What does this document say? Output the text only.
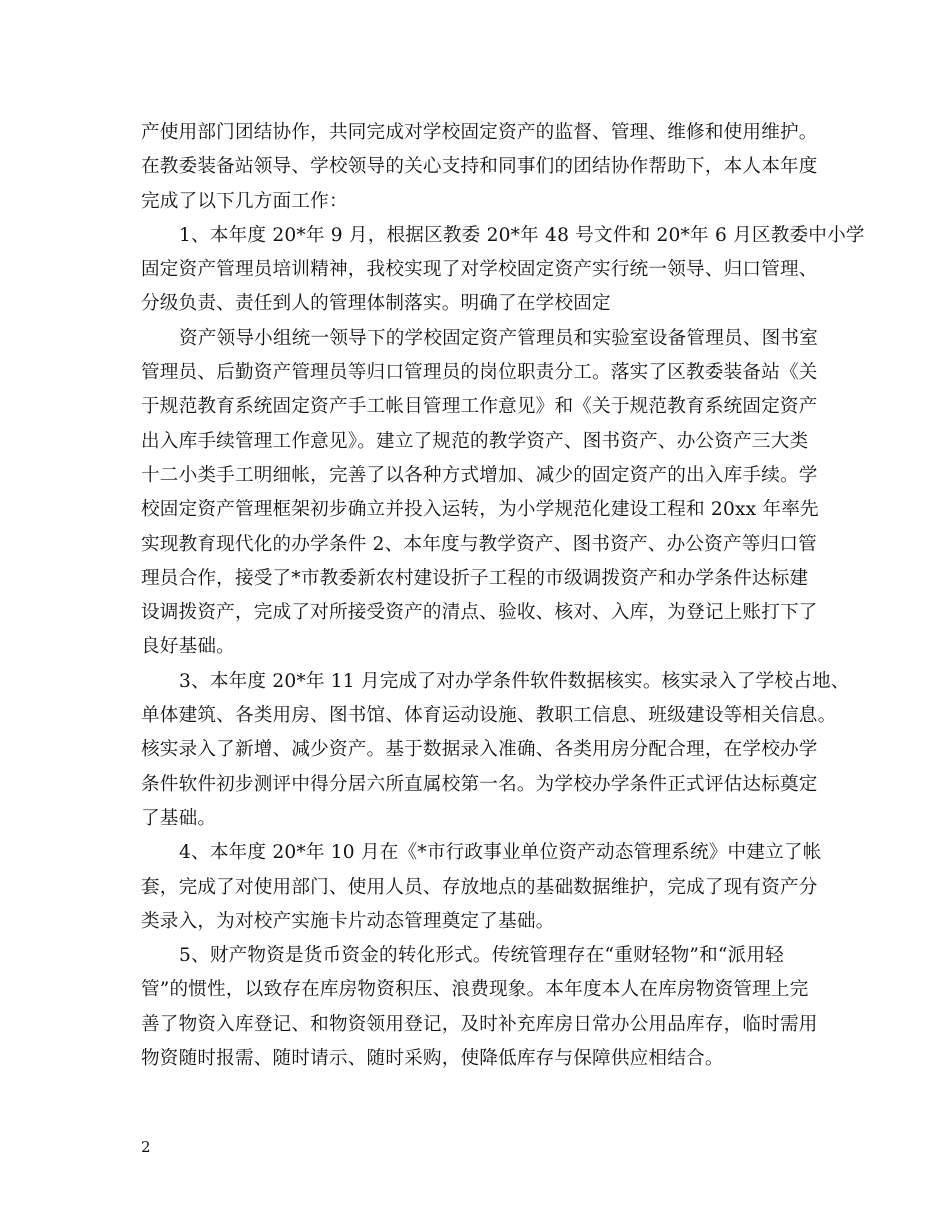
产使用部门团结协作，共同完成对学校固定资产的监督、管理、维修和使用维护。
在教委装备站领导、学校领导的关心支持和同事们的团结协作帮助下，本人本年度
完成了以下几方面工作：
1、本年度 20*年 9 月，根据区教委 20*年 48 号文件和 20*年 6 月区教委中小学
固定资产管理员培训精神，我校实现了对学校固定资产实行统一领导、归口管理、
分级负责、责任到人的管理体制落实。明确了在学校固定
资产领导小组统一领导下的学校固定资产管理员和实验室设备管理员、图书室
管理员、后勤资产管理员等归口管理员的岗位职责分工。落实了区教委装备站《关
于规范教育系统固定资产手工帐目管理工作意见》和《关于规范教育系统固定资产
出入库手续管理工作意见》。建立了规范的教学资产、图书资产、办公资产三大类
十二小类手工明细帐，完善了以各种方式增加、减少的固定资产的出入库手续。学
校固定资产管理框架初步确立并投入运转，为小学规范化建设工程和 20xx 年率先
实现教育现代化的办学条件 2、本年度与教学资产、图书资产、办公资产等归口管
理员合作，接受了*市教委新农村建设折子工程的市级调拨资产和办学条件达标建
设调拨资产，完成了对所接受资产的清点、验收、核对、入库，为登记上账打下了
良好基础。
3、本年度 20*年 11 月完成了对办学条件软件数据核实。核实录入了学校占地、
单体建筑、各类用房、图书馆、体育运动设施、教职工信息、班级建设等相关信息。
核实录入了新增、减少资产。基于数据录入准确、各类用房分配合理，在学校办学
条件软件初步测评中得分居六所直属校第一名。为学校办学条件正式评估达标奠定
了基础。
4、本年度 20*年 10 月在《*市行政事业单位资产动态管理系统》中建立了帐
套，完成了对使用部门、使用人员、存放地点的基础数据维护，完成了现有资产分
类录入，为对校产实施卡片动态管理奠定了基础。
5、财产物资是货币资金的转化形式。传统管理存在“重财轻物”和“派用轻
管”的惯性，以致存在库房物资积压、浪费现象。本年度本人在库房物资管理上完
善了物资入库登记、和物资领用登记，及时补充库房日常办公用品库存，临时需用
物资随时报需、随时请示、随时采购，使降低库存与保障供应相结合。
2
